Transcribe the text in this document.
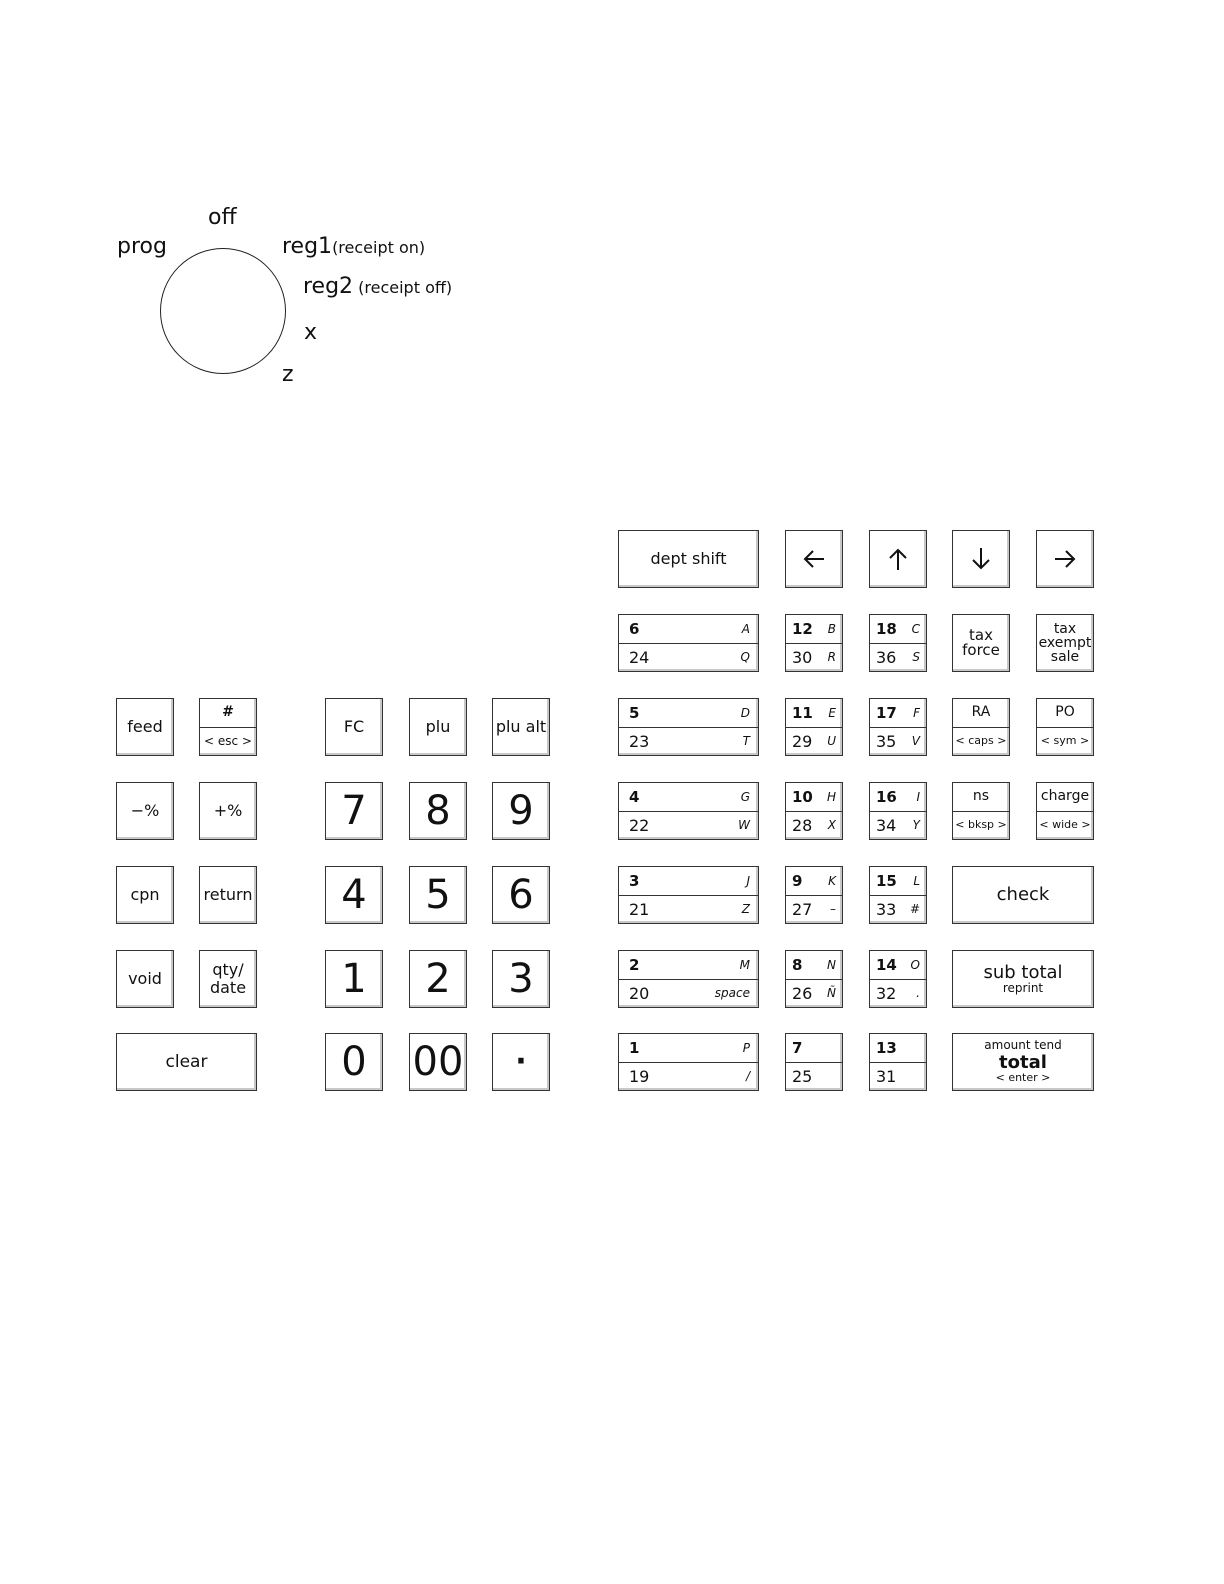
prog
off
reg1(receipt on)
reg2 (receipt off)
x
z
feed
#
< esc >
−%	+%
cpn	return
void	qty/
date
clear
FC	plu	plu alt
7 8 9
4 5 6
1 2 3
0 00 ·
dept shift
6	A
24	Q
5	D
23	T
4	G
22	W
3	J
21	Z
2	M
20	space
1	P
19	/
12 B
30 R
11 E
29 U
10 H
28 X
9 K
27 –
8 N
26 Ñ
7
25
18 C
36 S
17 F
35 V
16 I
34 Y
15 L
33 #
14 O
32 .
13
31
tax
force
tax
exempt
sale
RA
< caps >
PO
< sym >
ns
< bksp >
charge
< wide >
check
sub total
reprint
amount tend
total
< enter >
